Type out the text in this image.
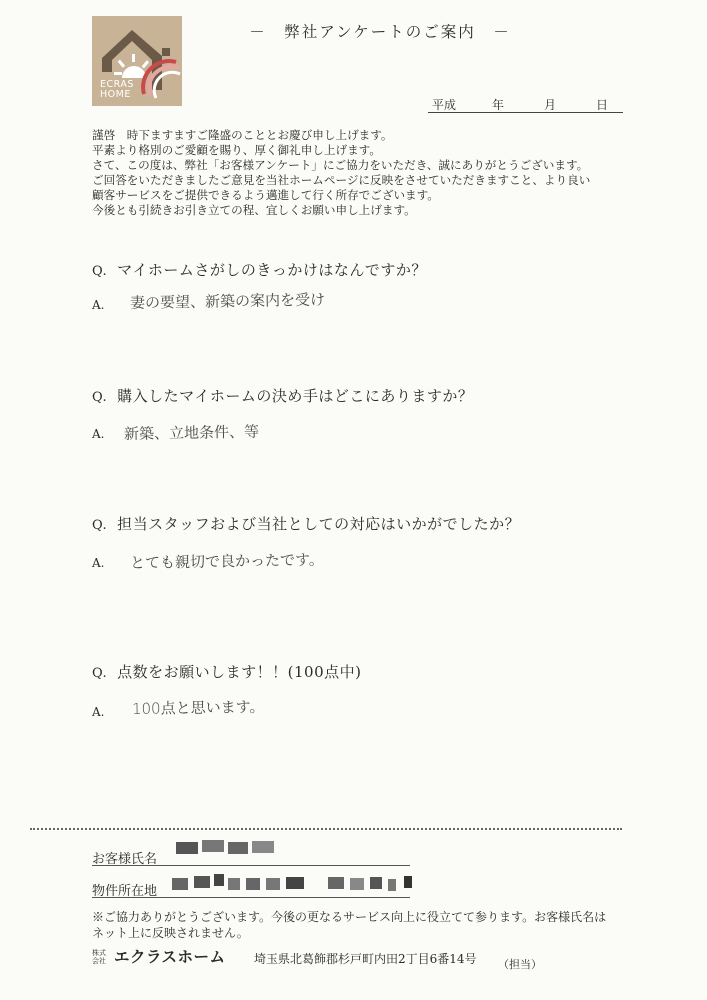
ECRAS
HOME
－　弊社アンケートのご案内　－
平成	年	月	日
謹啓　時下ますますご隆盛のこととお慶び申し上げます。
平素より格別のご愛顧を賜り、厚く御礼申し上げます。
さて、この度は、弊社「お客様アンケート」にご協力をいただき、誠にありがとうございます。
ご回答をいただきましたご意見を当社ホームページに反映をさせていただきますこと、より良い
顧客サービスをご提供できるよう邁進して行く所存でございます。
今後とも引続きお引き立ての程、宜しくお願い申し上げます。
Q. マイホームさがしのきっかけはなんですか？
A. 妻の要望、新築の案内を受け
Q. 購入したマイホームの決め手はどこにありますか？
A. 新築、立地条件、等
Q. 担当スタッフおよび当社としての対応はいかがでしたか？
A. とても親切で良かったです。
Q. 点数をお願いします！！(100点中)
A. 100点と思います。
お客様氏名
物件所在地
※ご協力ありがとうございます。今後の更なるサービス向上に役立てて参ります。お客様氏名は
ネット上に反映されません。
株式
会社 エクラスホーム 埼玉県北葛飾郡杉戸町内田2丁目6番14号 （担当）
